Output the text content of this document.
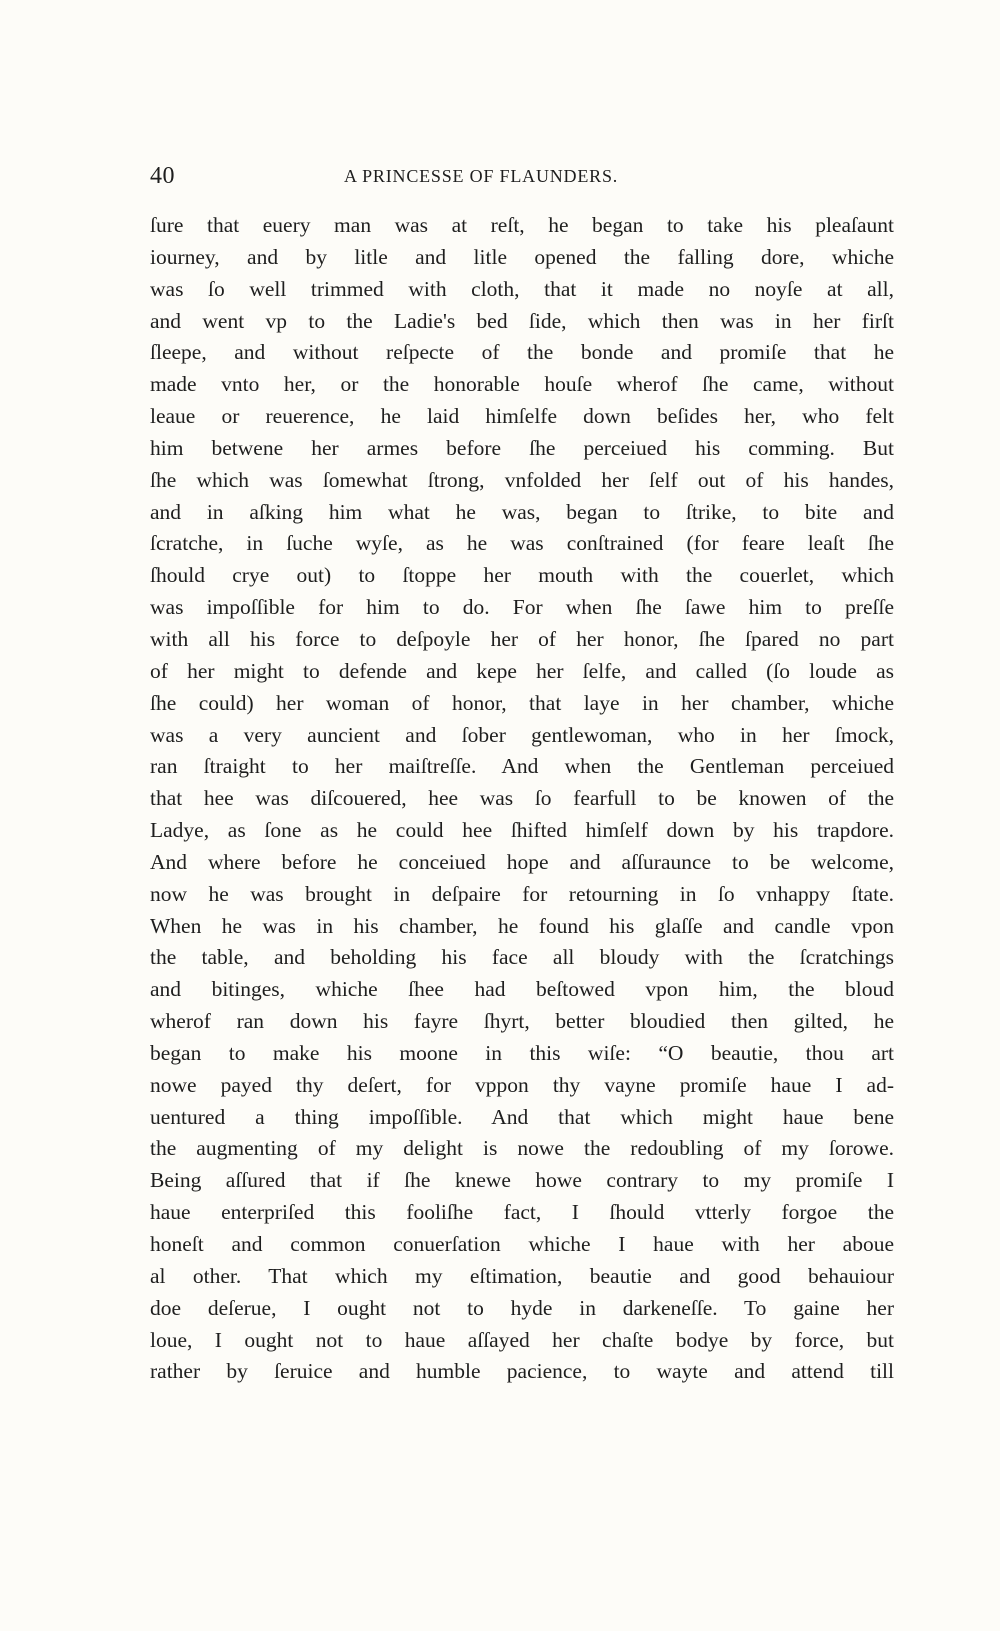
40	A PRINCESSE OF FLAUNDERS.
ſure that euery man was at reſt, he began to take his pleaſaunt
iourney, and by litle and litle opened the falling dore, whiche
was ſo well trimmed with cloth, that it made no noyſe at all,
and went vp to the Ladie's bed ſide, which then was in her firſt
ſleepe, and without reſpecte of the bonde and promiſe that he
made vnto her, or the honorable houſe wherof ſhe came, without
leaue or reuerence, he laid himſelfe down beſides her, who felt
him betwene her armes before ſhe perceiued his comming. But
ſhe which was ſomewhat ſtrong, vnfolded her ſelf out of his handes,
and in aſking him what he was, began to ſtrike, to bite and
ſcratche, in ſuche wyſe, as he was conſtrained (for feare leaſt ſhe
ſhould crye out) to ſtoppe her mouth with the couerlet, which
was impoſſible for him to do. For when ſhe ſawe him to preſſe
with all his force to deſpoyle her of her honor, ſhe ſpared no part
of her might to defende and kepe her ſelfe, and called (ſo loude as
ſhe could) her woman of honor, that laye in her chamber, whiche
was a very auncient and ſober gentlewoman, who in her ſmock,
ran ſtraight to her maiſtreſſe. And when the Gentleman perceiued
that hee was diſcouered, hee was ſo fearfull to be knowen of the
Ladye, as ſone as he could hee ſhifted himſelf down by his trapdore.
And where before he conceiued hope and aſſuraunce to be welcome,
now he was brought in deſpaire for retourning in ſo vnhappy ſtate.
When he was in his chamber, he found his glaſſe and candle vpon
the table, and beholding his face all bloudy with the ſcratchings
and bitinges, whiche ſhee had beſtowed vpon him, the bloud
wherof ran down his fayre ſhyrt, better bloudied then gilted, he
began to make his moone in this wiſe: “O beautie, thou art
nowe payed thy deſert, for vppon thy vayne promiſe haue I ad-
uentured a thing impoſſible. And that which might haue bene
the augmenting of my delight is nowe the redoubling of my ſorowe.
Being aſſured that if ſhe knewe howe contrary to my promiſe I
haue enterpriſed this fooliſhe fact, I ſhould vtterly forgoe the
honeſt and common conuerſation whiche I haue with her aboue
al other. That which my eſtimation, beautie and good behauiour
doe deſerue, I ought not to hyde in darkeneſſe. To gaine her
loue, I ought not to haue aſſayed her chaſte bodye by force, but
rather by ſeruice and humble pacience, to wayte and attend till
